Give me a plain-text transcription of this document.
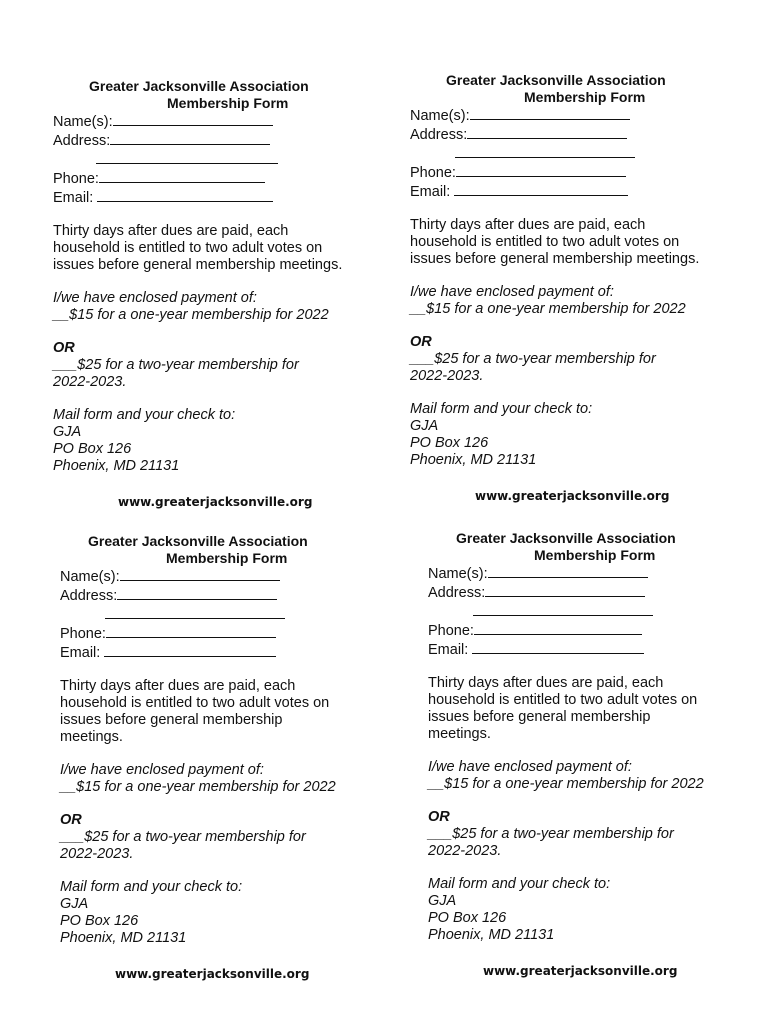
Greater Jacksonville Association
Membership Form
Name(s):
Address:
Phone:
Email:
Thirty days after dues are paid, each household is entitled to two adult votes on issues before general membership meetings.
I/we have enclosed payment of:
__$15 for a one-year membership for 2022
OR
___$25 for a two-year membership for 2022-2023.
Mail form and your check to:
GJA
PO Box 126
Phoenix, MD 21131
www.greaterjacksonville.org
Greater Jacksonville Association
Membership Form
Name(s):
Address:
Phone:
Email:
Thirty days after dues are paid, each household is entitled to two adult votes on issues before general membership meetings.
I/we have enclosed payment of:
__$15 for a one-year membership for 2022
OR
___$25 for a two-year membership for 2022-2023.
Mail form and your check to:
GJA
PO Box 126
Phoenix, MD 21131
www.greaterjacksonville.org
Greater Jacksonville Association
Membership Form
Name(s):
Address:
Phone:
Email:
Thirty days after dues are paid, each household is entitled to two adult votes on issues before general membership meetings.
I/we have enclosed payment of:
__$15 for a one-year membership for 2022
OR
___$25 for a two-year membership for 2022-2023.
Mail form and your check to:
GJA
PO Box 126
Phoenix, MD 21131
www.greaterjacksonville.org
Greater Jacksonville Association
Membership Form
Name(s):
Address:
Phone:
Email:
Thirty days after dues are paid, each household is entitled to two adult votes on issues before general membership meetings.
I/we have enclosed payment of:
__$15 for a one-year membership for 2022
OR
___$25 for a two-year membership for 2022-2023.
Mail form and your check to:
GJA
PO Box 126
Phoenix, MD 21131
www.greaterjacksonville.org
